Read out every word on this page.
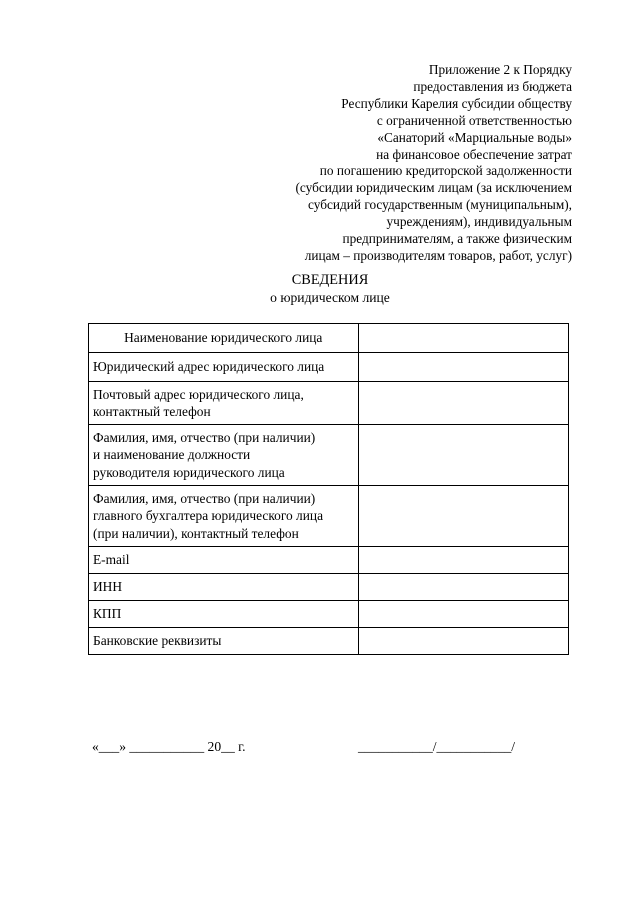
Приложение 2 к Порядку
предоставления из бюджета
Республики Карелия субсидии обществу
с ограниченной ответственностью
«Санаторий «Марциальные воды»
на финансовое обеспечение затрат
по погашению кредиторской задолженности
(субсидии юридическим лицам (за исключением
субсидий государственным (муниципальным),
учреждениям), индивидуальным
предпринимателям, а также физическим
лицам – производителям товаров, работ, услуг)
СВЕДЕНИЯ
о юридическом лице
Наименование юридического лица	

Юридический адрес юридического лица	

Почтовый адрес юридического лица,
контактный телефон	

Фамилия, имя, отчество (при наличии)
и наименование должности
руководителя юридического лица	

Фамилия, имя, отчество (при наличии)
главного бухгалтера юридического лица
(при наличии), контактный телефон	

E-mail	

ИНН	

КПП	

Банковские реквизиты	

«___» ___________ 20__ г.	___________/___________/
